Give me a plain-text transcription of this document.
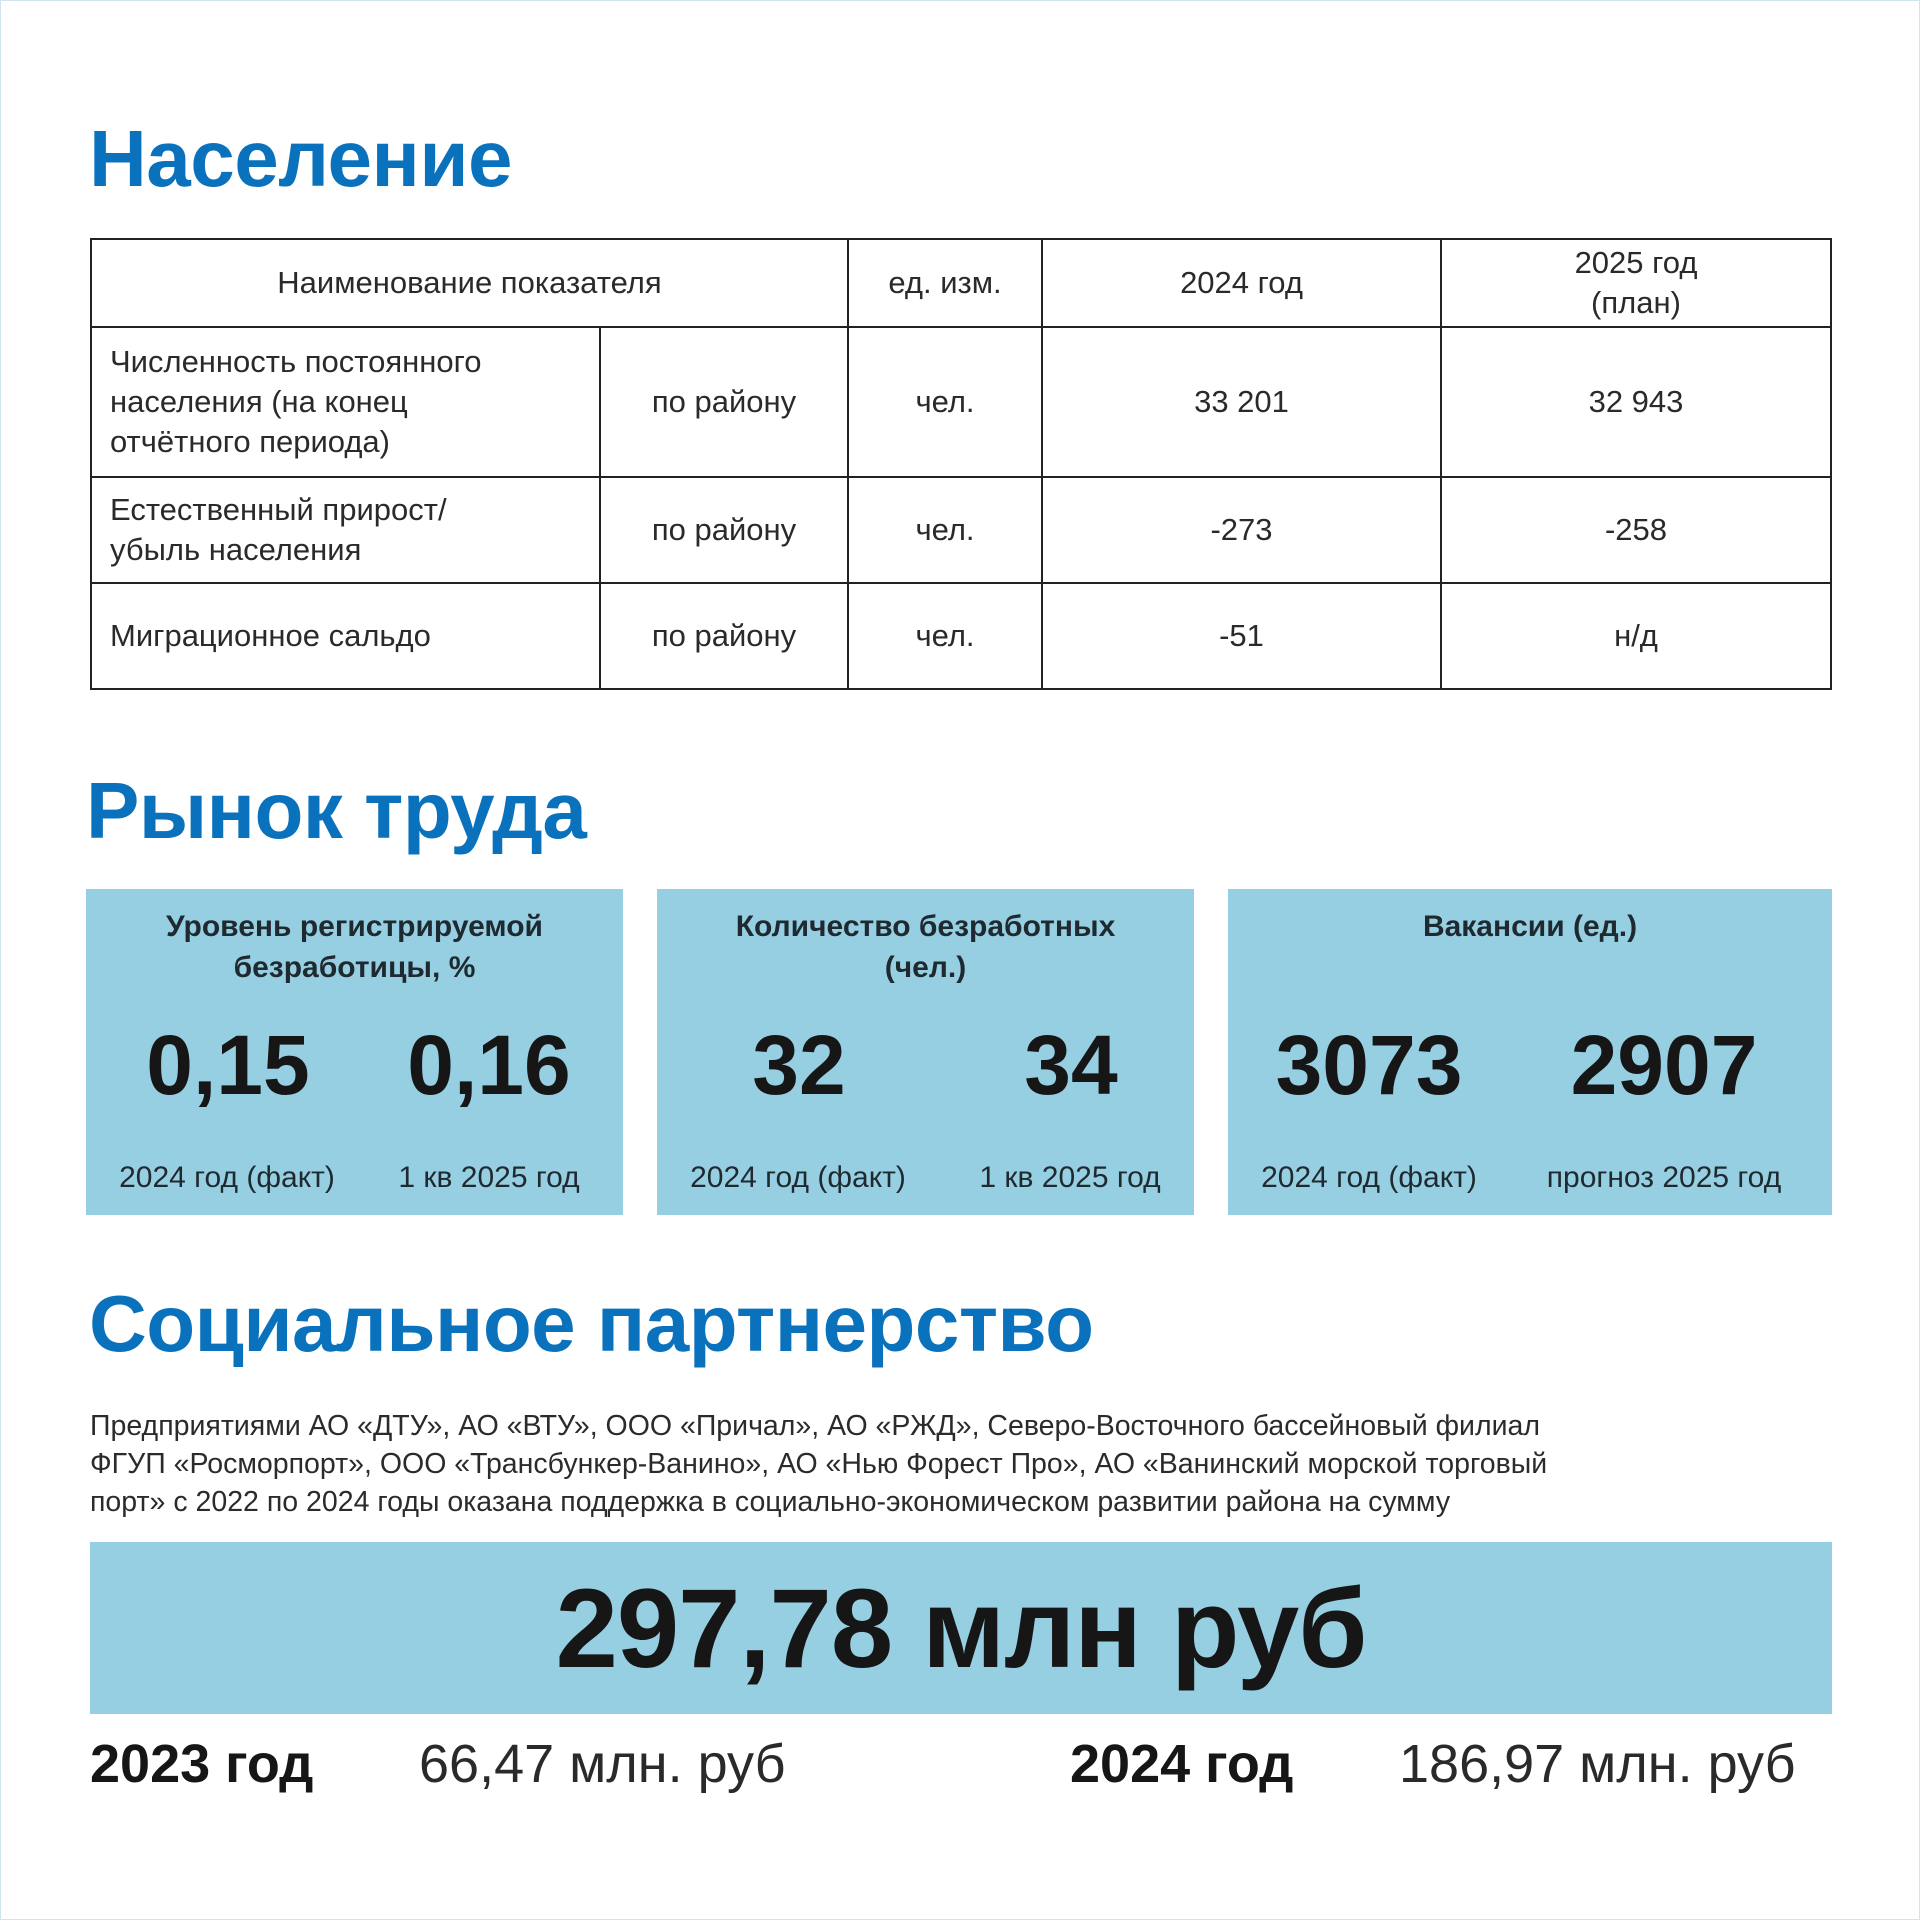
Население
Наименование показателя		ед. изм.	2024 год	2025 год
(план)
Численность постоянного
населения (на конец
отчётного периода)	по району	чел.	33 201	32 943
Естественный прирост/
убыль населения	по району	чел.	-273	-258
Миграционное сальдо	по району	чел.	-51	н/д
Рынок труда
Уровень регистрируемой
безработицы, %
0,15	0,16
2024 год (факт)	1 кв 2025 год
Количество безработных
(чел.)
32	34
2024 год (факт)	1 кв 2025 год
Вакансии (ед.)
3073	2907
2024 год (факт)	прогноз 2025 год
Социальное партнерство

Предприятиями АО «ДТУ», АО «ВТУ», ООО «Причал», АО «РЖД», Северо-Восточного бассейновый филиал
ФГУП «Росморпорт», ООО «Трансбункер-Ванино», АО «Нью Форест Про», АО «Ванинский морской торговый
порт» с 2022 по 2024 годы оказана поддержка в социально-экономическом развитии района на сумму

297,78 млн руб
2023 год 66,47 млн. руб	2024 год 186,97 млн. руб
